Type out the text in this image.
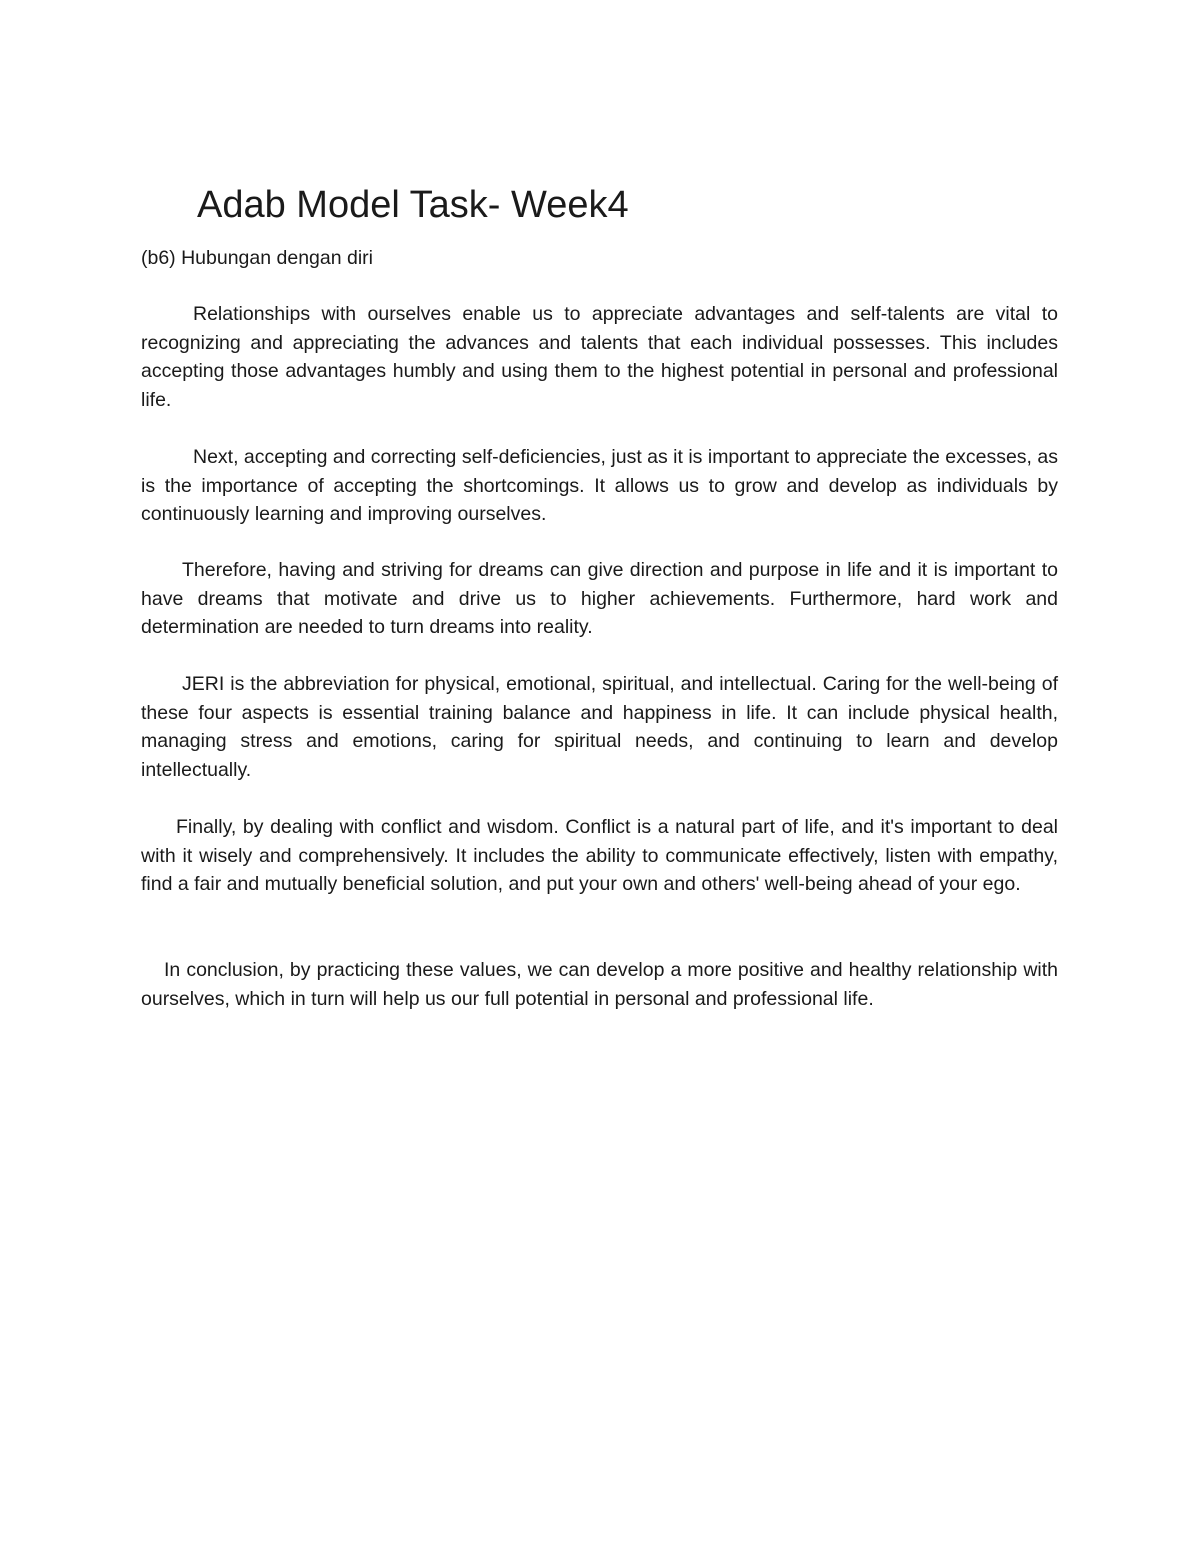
Adab Model Task- Week4

(b6) Hubungan dengan diri

Relationships with ourselves enable us to appreciate advantages and self-talents are vital to recognizing and appreciating the advances and talents that each individual possesses. This includes accepting those advantages humbly and using them to the highest potential in personal and professional life.

Next, accepting and correcting self-deficiencies, just as it is important to appreciate the excesses, as is the importance of accepting the shortcomings. It allows us to grow and develop as individuals by continuously learning and improving ourselves.

Therefore, having and striving for dreams can give direction and purpose in life and it is important to have dreams that motivate and drive us to higher achievements. Furthermore, hard work and determination are needed to turn dreams into reality.

JERI is the abbreviation for physical, emotional, spiritual, and intellectual. Caring for the well-being of these four aspects is essential training balance and happiness in life. It can include physical health, managing stress and emotions, caring for spiritual needs, and continuing to learn and develop intellectually.

Finally, by dealing with conflict and wisdom. Conflict is a natural part of life, and it's important to deal with it wisely and comprehensively. It includes the ability to communicate effectively, listen with empathy, find a fair and mutually beneficial solution, and put your own and others' well-being ahead of your ego.

In conclusion, by practicing these values, we can develop a more positive and healthy relationship with ourselves, which in turn will help us our full potential in personal and professional life.
